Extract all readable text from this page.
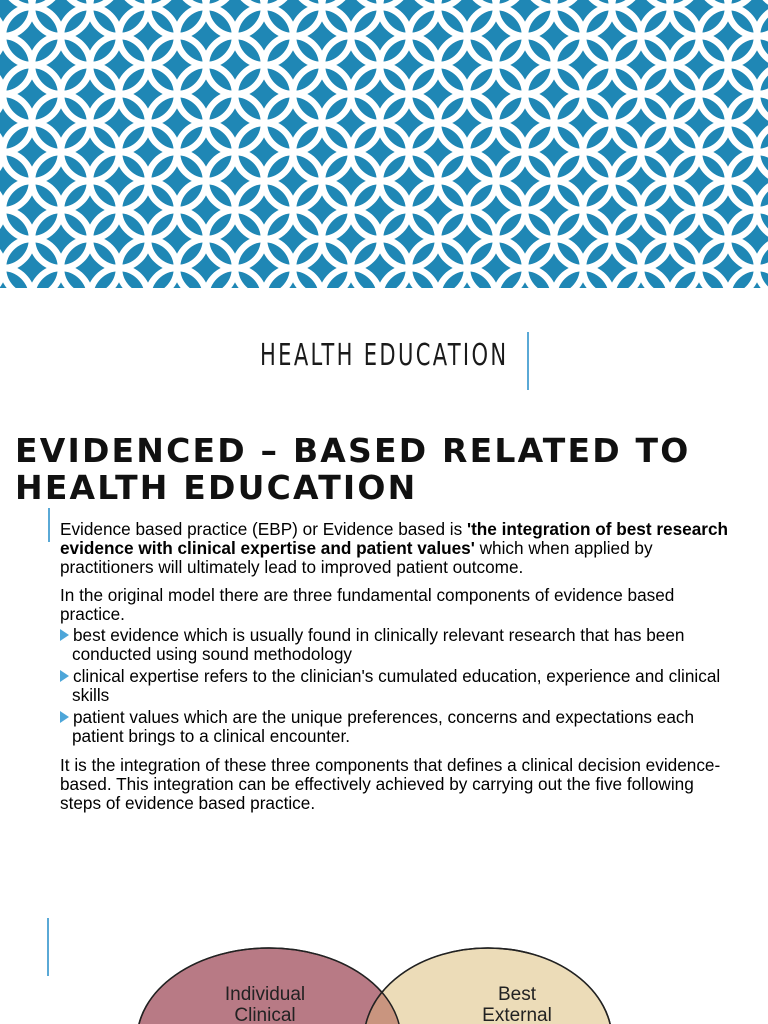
HEALTH EDUCATION
EVIDENCED – BASED RELATED TO HEALTH EDUCATION

Evidence based practice (EBP) or Evidence based is 'the integration of best research evidence with clinical expertise and patient values' which when applied by practitioners will ultimately lead to improved patient outcome.

In the original model there are three fundamental components of evidence based practice.

best evidence which is usually found in clinically relevant research that has been conducted using sound methodology
clinical expertise refers to the clinician's cumulated education, experience and clinical skills
patient values which are the unique preferences, concerns and expectations each patient brings to a clinical encounter.

It is the integration of these three components that defines a clinical decision evidence-based. This integration can be effectively achieved by carrying out the five following steps of evidence based practice.

Individual
Clinical
Best
External
